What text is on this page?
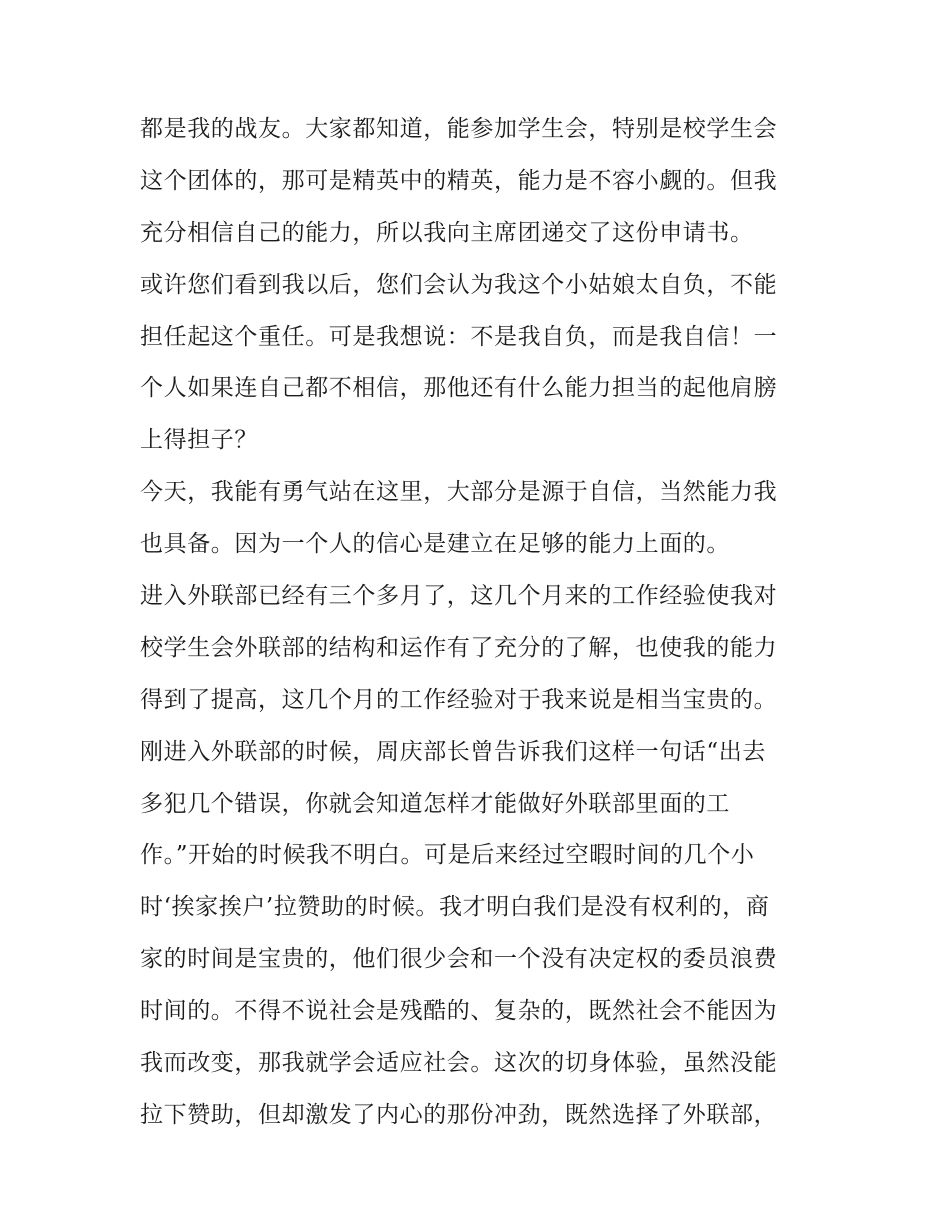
都是我的战友。大家都知道，能参加学生会，特别是校学生会
这个团体的，那可是精英中的精英，能力是不容小觑的。但我
充分相信自己的能力，所以我向主席团递交了这份申请书。
或许您们看到我以后，您们会认为我这个小姑娘太自负，不能
担任起这个重任。可是我想说：不是我自负，而是我自信！一
个人如果连自己都不相信，那他还有什么能力担当的起他肩膀
上得担子？
今天，我能有勇气站在这里，大部分是源于自信，当然能力我
也具备。因为一个人的信心是建立在足够的能力上面的。
进入外联部已经有三个多月了，这几个月来的工作经验使我对
校学生会外联部的结构和运作有了充分的了解，也使我的能力
得到了提高，这几个月的工作经验对于我来说是相当宝贵的。
刚进入外联部的时候，周庆部长曾告诉我们这样一句话“出去
多犯几个错误，你就会知道怎样才能做好外联部里面的工
作。”开始的时候我不明白。可是后来经过空暇时间的几个小
时‘挨家挨户’拉赞助的时候。我才明白我们是没有权利的，商
家的时间是宝贵的，他们很少会和一个没有决定权的委员浪费
时间的。不得不说社会是残酷的、复杂的，既然社会不能因为
我而改变，那我就学会适应社会。这次的切身体验，虽然没能
拉下赞助，但却激发了内心的那份冲劲，既然选择了外联部，
